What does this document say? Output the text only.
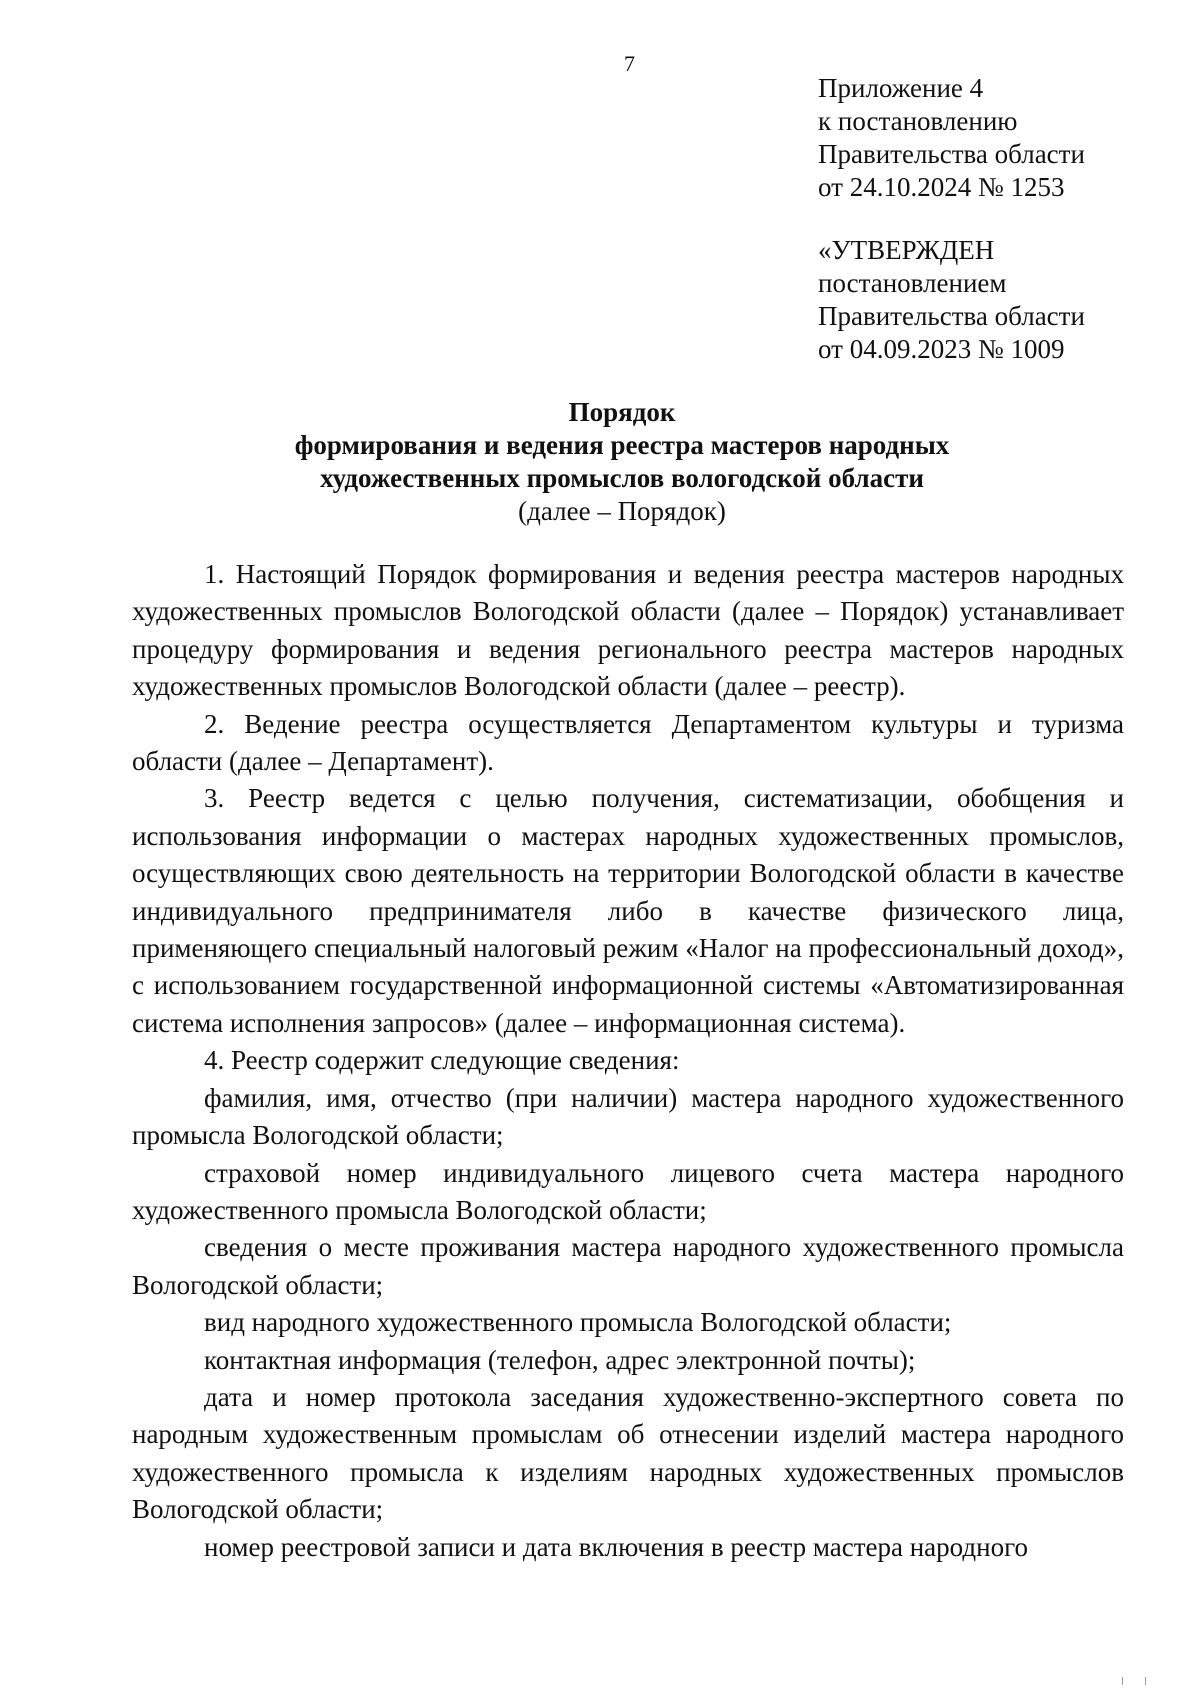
7
Приложение 4
к постановлению
Правительства области
от 24.10.2024 № 1253
«УТВЕРЖДЕН
постановлением
Правительства области
от 04.09.2023 № 1009
Порядок
формирования и ведения реестра мастеров народных
художественных промыслов вологодской области
(далее – Порядок)

1. Настоящий Порядок формирования и ведения реестра мастеров народных художественных промыслов Вологодской области (далее – Порядок) устанавливает процедуру формирования и ведения регионального реестра мастеров народных художественных промыслов Вологодской области (далее – реестр).

2. Ведение реестра осуществляется Департаментом культуры и туризма области (далее – Департамент).

3. Реестр ведется с целью получения, систематизации, обобщения и использования информации о мастерах народных художественных промыслов, осуществляющих свою деятельность на территории Вологодской области в качестве индивидуального предпринимателя либо в качестве физического лица, применяющего специальный налоговый режим «Налог на профессиональный доход», с использованием государственной информационной системы «Автоматизированная система исполнения запросов» (далее – информационная система).

4. Реестр содержит следующие сведения:

фамилия, имя, отчество (при наличии) мастера народного художественного промысла Вологодской области;

страховой номер индивидуального лицевого счета мастера народного художественного промысла Вологодской области;

сведения о месте проживания мастера народного художественного промысла Вологодской области;

вид народного художественного промысла Вологодской области;

контактная информация (телефон, адрес электронной почты);

дата и номер протокола заседания художественно-экспертного совета по народным художественным промыслам об отнесении изделий мастера народного художественного промысла к изделиям народных художественных промыслов Вологодской области;

номер реестровой записи и дата включения в реестр мастера народного
